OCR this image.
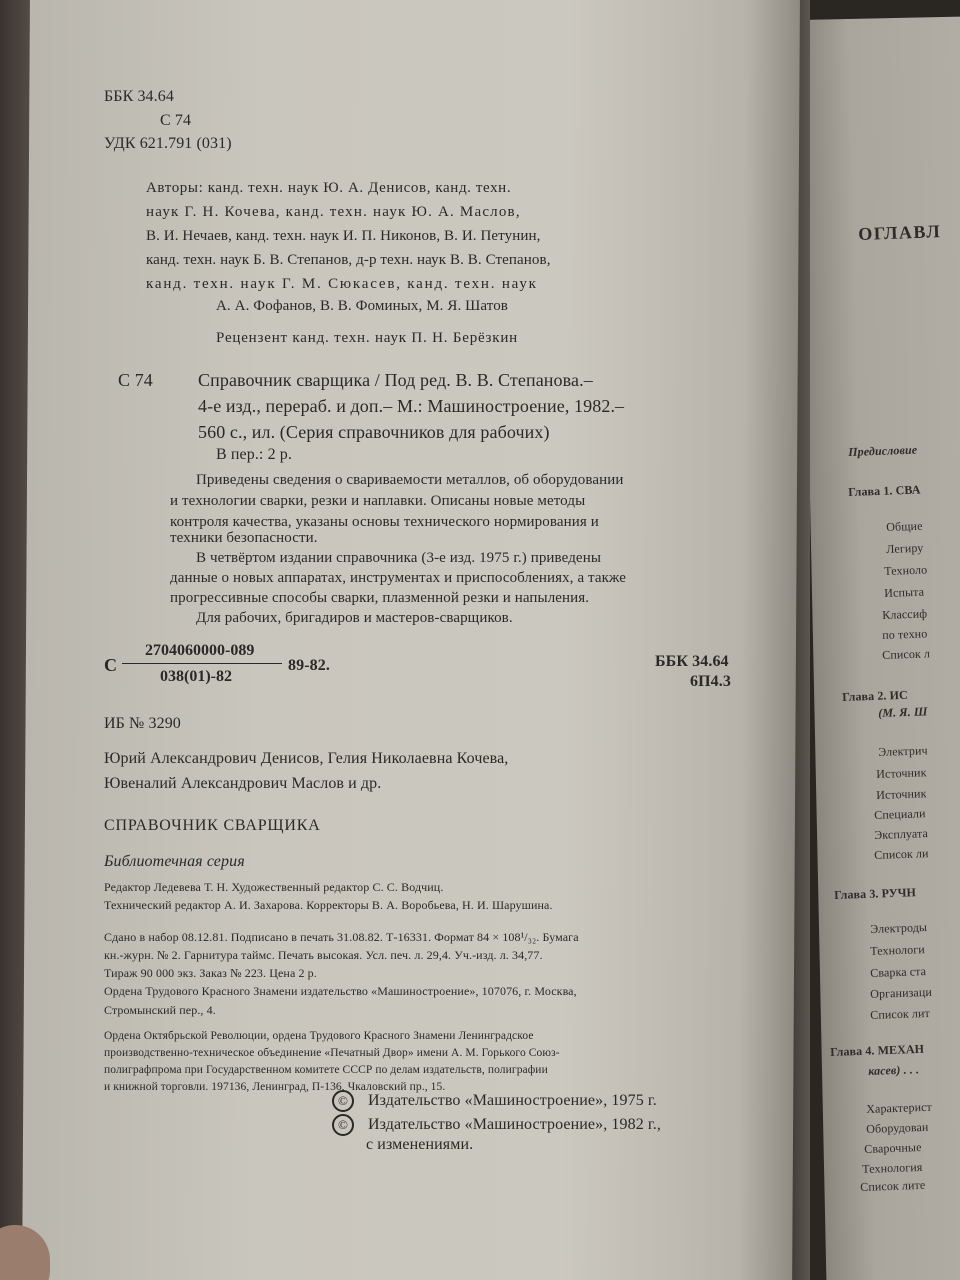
ББК 34.64
С 74
УДК 621.791 (031)
Авторы: канд. техн. наук Ю. А. Денисов, канд. техн.
наук Г. Н. Кочева, канд. техн. наук Ю. А. Маслов,
В. И. Нечаев, канд. техн. наук И. П. Никонов, В. И. Петунин,
канд. техн. наук Б. В. Степанов, д-р техн. наук В. В. Степанов,
канд. техн. наук Г. М. Сюкасев, канд. техн. наук
А. А. Фофанов, В. В. Фоминых, М. Я. Шатов
Рецензент канд. техн. наук П. Н. Берёзкин
С 74	Справочник сварщика / Под ред. В. В. Степанова.–
4-е изд., перераб. и доп.– М.: Машиностроение, 1982.–
560 с., ил. (Серия справочников для рабочих)
В пер.: 2 р.
Приведены сведения о свариваемости металлов, об оборудовании
и технологии сварки, резки и наплавки. Описаны новые методы
контроля качества, указаны основы технического нормирования и
техники безопасности.
В четвёртом издании справочника (3-е изд. 1975 г.) приведены
данные о новых аппаратах, инструментах и приспособлениях, а также
прогрессивные способы сварки, плазменной резки и напыления.
Для рабочих, бригадиров и мастеров-сварщиков.
С
2704060000-089
038(01)-82
89-82.	ББК 34.64
6П4.3
ИБ № 3290
Юрий Александрович Денисов, Гелия Николаевна Кочева,
Ювеналий Александрович Маслов и др.
СПРАВОЧНИК СВАРЩИКА
Библиотечная серия
Редактор Ледевева Т. Н. Художественный редактор С. С. Водчиц.
Технический редактор А. И. Захарова. Корректоры В. А. Воробьева, Н. И. Шарушина.
Сдано в набор 08.12.81. Подписано в печать 31.08.82. Т-16331. Формат 84 × 108¹/₃₂. Бумага
кн.-журн. № 2. Гарнитура таймс. Печать высокая. Усл. печ. л. 29,4. Уч.-изд. л. 34,77.
Тираж 90 000 экз. Заказ № 223. Цена 2 р.
Ордена Трудового Красного Знамени издательство «Машиностроение», 107076, г. Москва,
Стромынский пер., 4.
Ордена Октябрьской Революции, ордена Трудового Красного Знамени Ленинградское
производственно-техническое объединение «Печатный Двор» имени А. М. Горького Союз-
полиграфпрома при Государственном комитете СССР по делам издательств, полиграфии
и книжной торговли. 197136, Ленинград, П-136, Чкаловский пр., 15.
© Издательство «Машиностроение», 1975 г.
© Издательство «Машиностроение», 1982 г.,
с изменениями.
ОГЛАВЛ
Предисловие
Глава 1. СВА
Общие
Легиру
Техноло
Испыта
Классиф
по техно
Список л
Глава 2. ИС
(М. Я. Ш
Электрич
Источник
Источник
Специали
Эксплуата
Список ли
Глава 3. РУЧН
Электроды
Технологи
Сварка ста
Организаци
Список лит
Глава 4. МЕХАН
касев) . . .
Характерист
Оборудован
Сварочные
Технология
Список лите
